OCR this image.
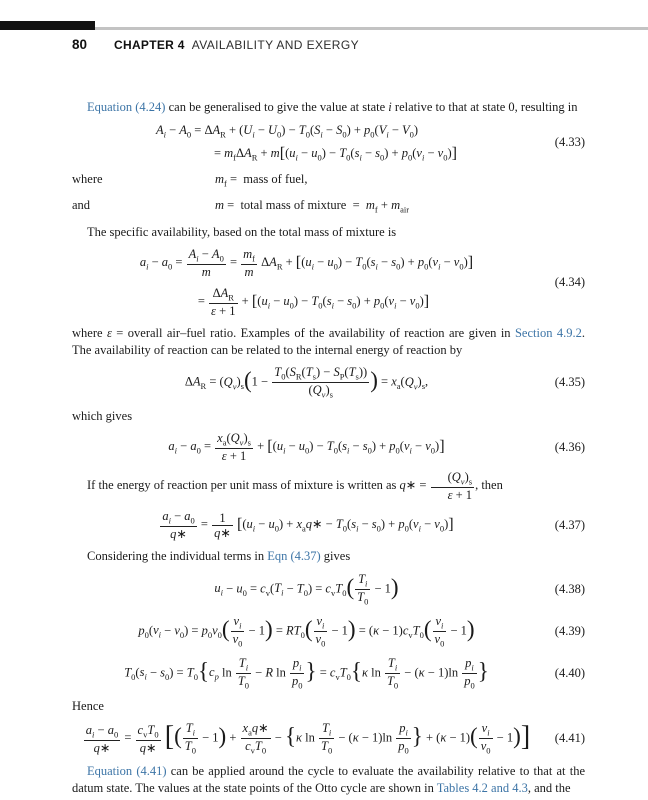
80 CHAPTER 4 AVAILABILITY AND EXERGY
Equation (4.24) can be generalised to give the value at state i relative to that at state 0, resulting in
$A_i - A_0 = \Delta A_R + (U_i - U_0) - T_0(S_i - S_0) + p_0(V_i - V_0)$
= $m_f\Delta A_R + m[(u_i - u_0) - T_0(s_i - s_0) + p_0(v_i - v_0)]$
(4.33)
where	$m_f$ =  mass of fuel,
and	m =  total mass of mixture  =  $m_f + m_{air}$
The specific availability, based on the total mass of mixture is
$a_i - a_0 = \frac{A_i - A_0}{m} = \frac{m_f}{m} \Delta A_R + [(u_i - u_0) - T_0(s_i - s_0) + p_0(v_i - v_0)]$
= $\frac{\Delta A_R}{\varepsilon + 1} + [(u_i - u_0) - T_0(s_i - s_0) + p_0(v_i - v_0)]$
(4.34)
where ε = overall air–fuel ratio. Examples of the availability of reaction are given in Section 4.9.2. The availability of reaction can be related to the internal energy of reaction by
$\Delta A_R = (Q_v)_s(1 - \frac{T_0(S_R(T_s) - S_P(T_s))}{(Q_v)_s}$ ) = $x_a(Q_v)_s$,	(4.35)
which gives
$a_i - a_0 = \frac{x_a(Q_v)_s}{\varepsilon + 1} + [(u_i - u_0) - T_0(s_i - s_0) + p_0(v_i - v_0)]$	(4.36)
If the energy of reaction per unit mass of mixture is written as q∗ = $\frac{(Q_v)_s}{\varepsilon + 1}$ , then
$\frac{a_i - a_0}{q∗} = \frac{1}{q∗} [(u_i - u_0)$ + $x_aq∗ - T_0(s_i - s_0) + p_0(v_i - v_0)$]	(4.37)
Considering the individual terms in Eqn (4.37) gives
$u_i - u_0 = c_v(T_i - T_0) = c_vT_0( \frac{T_i}{T_0} - 1)$	(4.38)
$p_0(v_i - v_0) = p_0v_0( \frac{v_i}{v_0} - 1) = RT_0( \frac{v_i}{v_0} - 1) = (\kappa - 1)c_vT_0( \frac{v_i}{v_0} - 1)$	(4.39)
$T_0(s_i - s_0) = T_0\{c_p$ $\ln \frac{T_i}{T_0} - R$ $\ln \frac{p_i}{p_0}$ } = $c_vT_0\{\kappa$ $\ln \frac{T_i}{T_0} - (\kappa - 1)\ln \frac{p_i}{p_0}$ }	(4.40)
Hence
$\frac{a_i - a_0}{q∗} = \frac{c_vT_0}{q∗}$ [( $\frac{T_i}{T_0} - 1) + \frac{x_aq∗}{c_vT_0} - \{\kappa$ $\ln \frac{T_i}{T_0} - (\kappa - 1)\ln \frac{p_i}{p_0}$ } + $(\kappa - 1)( \frac{v_i}{v_0} - 1)$]	(4.41)
Equation (4.41) can be applied around the cycle to evaluate the availability relative to that at the datum state. The values at the state points of the Otto cycle are shown in Tables 4.2 and 4.3, and the
